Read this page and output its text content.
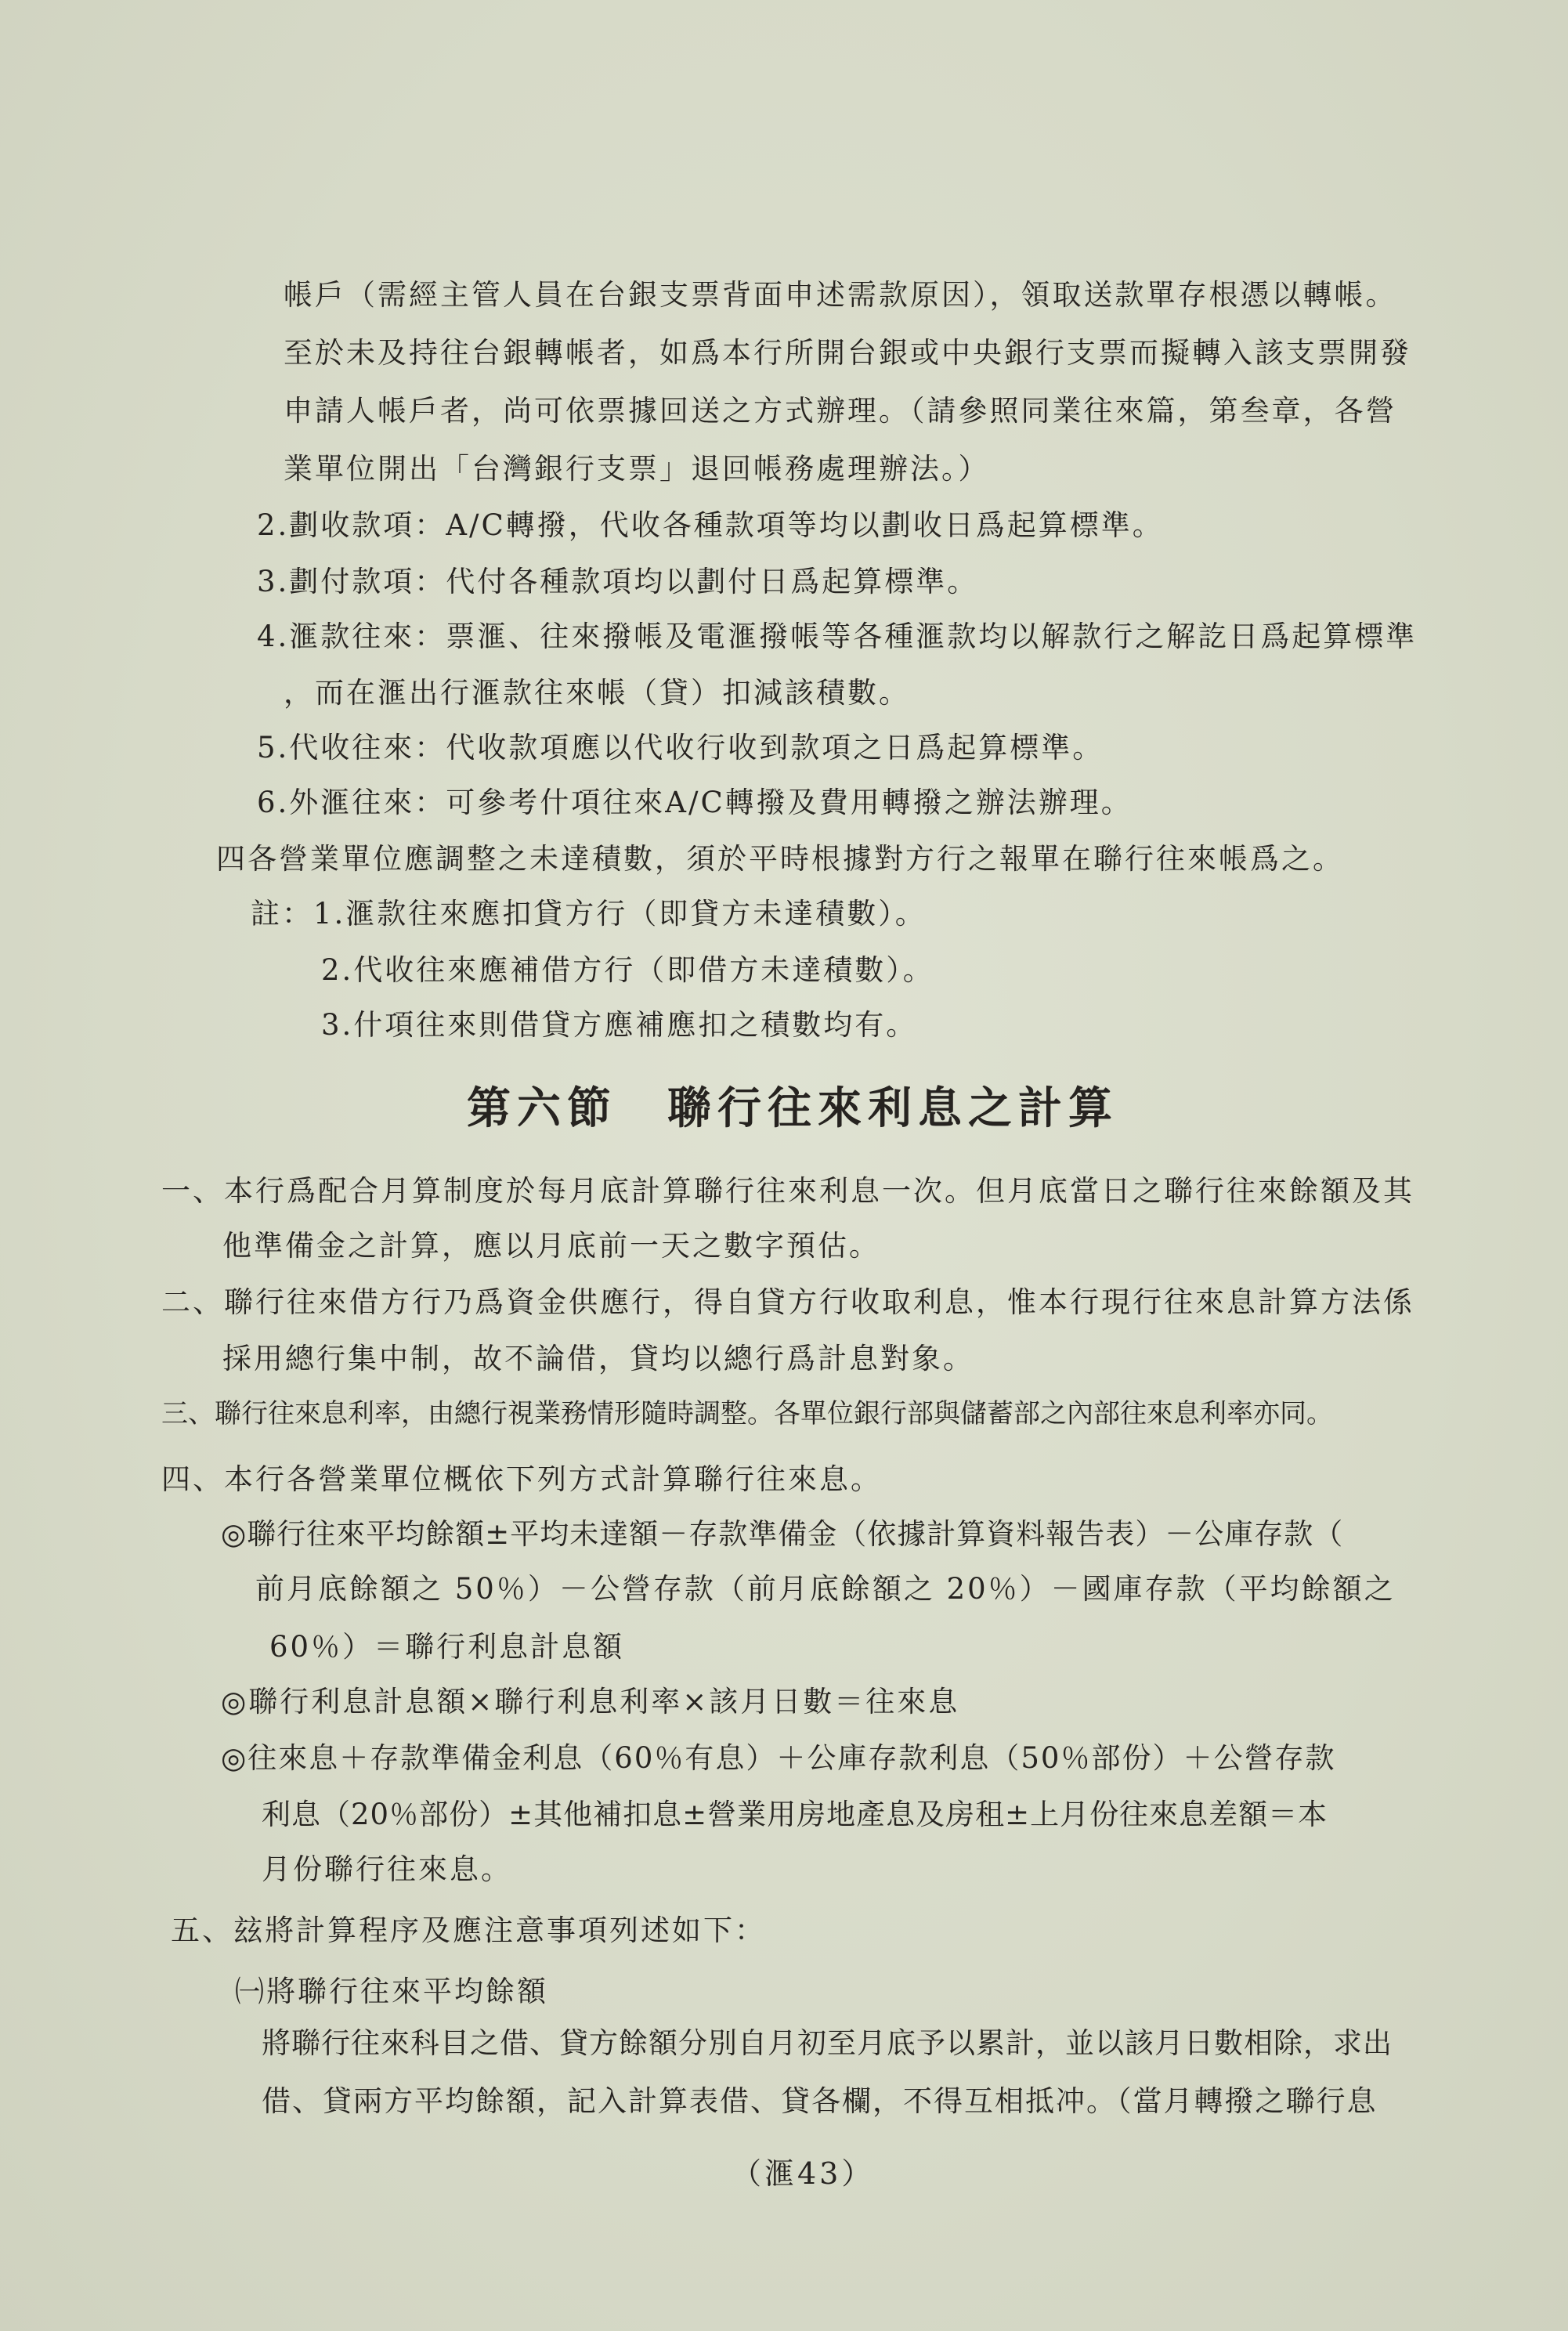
帳戶（需經主管人員在台銀支票背面申述需款原因），領取送款單存根憑以轉帳。
至於未及持往台銀轉帳者，如爲本行所開台銀或中央銀行支票而擬轉入該支票開發
申請人帳戶者，尚可依票據回送之方式辦理。（請參照同業往來篇，第叁章，各營
業單位開出「台灣銀行支票」退回帳務處理辦法。）
2.劃收款項：A/C轉撥，代收各種款項等均以劃收日爲起算標準。
3.劃付款項：代付各種款項均以劃付日爲起算標準。
4.滙款往來：票滙、往來撥帳及電滙撥帳等各種滙款均以解款行之解訖日爲起算標準
，而在滙出行滙款往來帳（貸）扣減該積數。
5.代收往來：代收款項應以代收行收到款項之日爲起算標準。
6.外滙往來：可參考什項往來A/C轉撥及費用轉撥之辦法辦理。
四各營業單位應調整之未達積數，須於平時根據對方行之報單在聯行往來帳爲之。
註：1.滙款往來應扣貸方行（即貸方未達積數）。
2.代收往來應補借方行（即借方未達積數）。
3.什項往來則借貸方應補應扣之積數均有。
第六節　聯行往來利息之計算
一、本行爲配合月算制度於每月底計算聯行往來利息一次。但月底當日之聯行往來餘額及其
他準備金之計算，應以月底前一天之數字預估。
二、聯行往來借方行乃爲資金供應行，得自貸方行收取利息，惟本行現行往來息計算方法係
採用總行集中制，故不論借，貸均以總行爲計息對象。
三、聯行往來息利率，由總行視業務情形隨時調整。各單位銀行部與儲蓄部之內部往來息利率亦同。
四、本行各營業單位概依下列方式計算聯行往來息。
◎聯行往來平均餘額±平均未達額－存款準備金（依據計算資料報告表）－公庫存款（
前月底餘額之 50％）－公營存款（前月底餘額之 20％）－國庫存款（平均餘額之
60％）＝聯行利息計息額
◎聯行利息計息額×聯行利息利率×該月日數＝往來息
◎往來息＋存款準備金利息（60％有息）＋公庫存款利息（50％部份）＋公營存款
利息（20％部份）±其他補扣息±營業用房地產息及房租±上月份往來息差額＝本
月份聯行往來息。
五、玆將計算程序及應注意事項列述如下：
㈠將聯行往來平均餘額
將聯行往來科目之借、貸方餘額分別自月初至月底予以累計，並以該月日數相除，求出
借、貸兩方平均餘額，記入計算表借、貸各欄，不得互相抵冲。（當月轉撥之聯行息
（滙43）
